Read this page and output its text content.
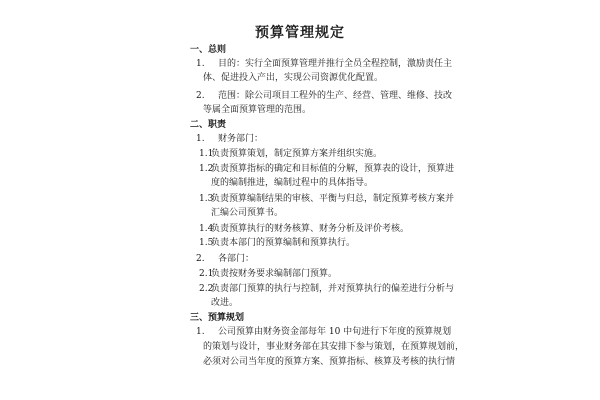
预算管理规定
一、总则
1. 目的：实行全面预算管理并推行全员全程控制，激励责任主
体、促进投入产出，实现公司资源优化配置。
2. 范围：除公司项目工程外的生产、经营、管理、维修、技改
等属全面预算管理的范围。
二、职责
1. 财务部门：
1.1
负责预算策划，制定预算方案并组织实施。
1.2
负责预算指标的确定和目标值的分解，预算表的设计，预算进
度的编制推进，编制过程中的具体指导。
1.3
负责预算编制结果的审核、平衡与归总，制定预算考核方案并
汇编公司预算书。
1.4
负责预算执行的财务核算、财务分析及评价考核。
1.5
负责本部门的预算编制和预算执行。
2. 各部门：
2.1
负责按财务要求编制部门预算。
2.2
负责部门预算的执行与控制，并对预算执行的偏差进行分析与
改进。
三、预算规划
1. 公司预算由财务资金部每年 10 中旬进行下年度的预算规划
的策划与设计，事业财务部在其安排下参与策划，在预算规划前，
必须对公司当年度的预算方案、预算指标、核算及考核的执行情
